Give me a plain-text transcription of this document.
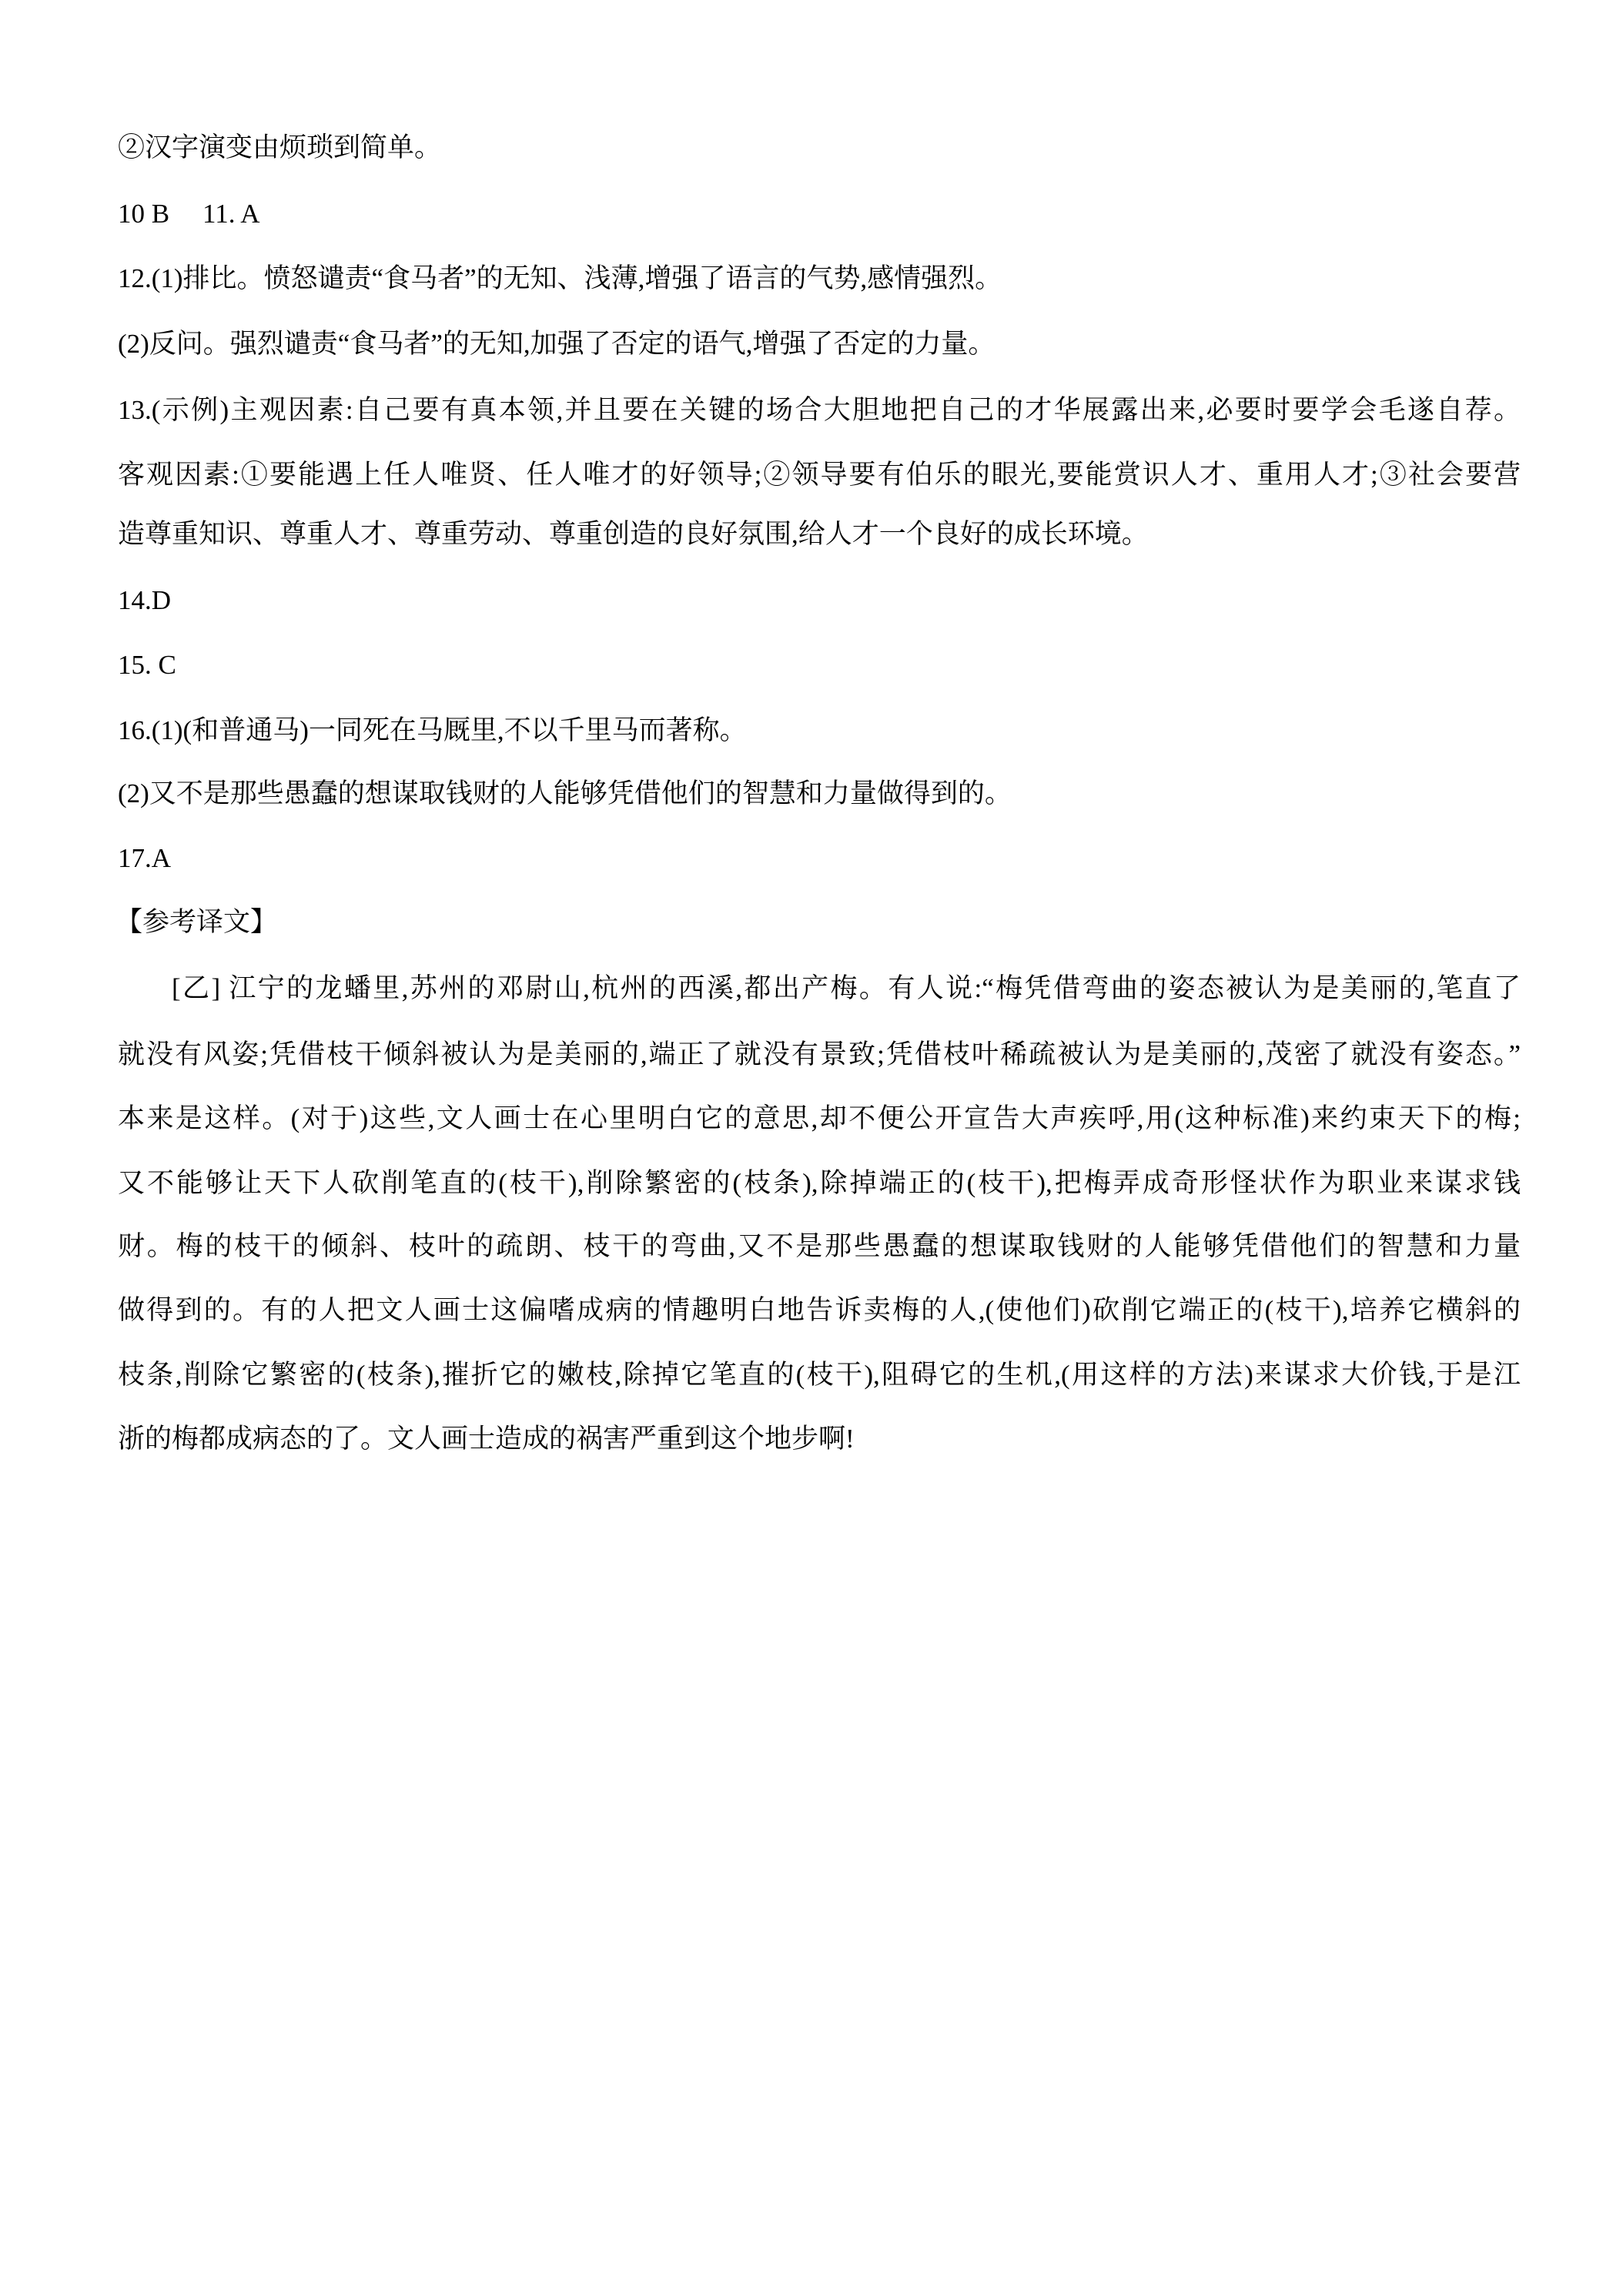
②汉字演变由烦琐到简单。
10 B 11. A
12.(1)排比。愤怒谴责“食马者”的无知、浅薄,增强了语言的气势,感情强烈。
(2)反问。强烈谴责“食马者”的无知,加强了否定的语气,增强了否定的力量。
13.(示例)主观因素:自己要有真本领,并且要在关键的场合大胆地把自己的才华展露出来,必要时要学会毛遂自荐。
客观因素:①要能遇上任人唯贤、任人唯才的好领导;②领导要有伯乐的眼光,要能赏识人才、重用人才;③社会要营
造尊重知识、尊重人才、尊重劳动、尊重创造的良好氛围,给人才一个良好的成长环境。
14.D
15. C
16.(1)(和普通马)一同死在马厩里,不以千里马而著称。
(2)又不是那些愚蠢的想谋取钱财的人能够凭借他们的智慧和力量做得到的。
17.A
【参考译文】
[乙] 江宁的龙蟠里,苏州的邓尉山,杭州的西溪,都出产梅。有人说:“梅凭借弯曲的姿态被认为是美丽的,笔直了
就没有风姿;凭借枝干倾斜被认为是美丽的,端正了就没有景致;凭借枝叶稀疏被认为是美丽的,茂密了就没有姿态。”
本来是这样。(对于)这些,文人画士在心里明白它的意思,却不便公开宣告大声疾呼,用(这种标准)来约束天下的梅;
又不能够让天下人砍削笔直的(枝干),削除繁密的(枝条),除掉端正的(枝干),把梅弄成奇形怪状作为职业来谋求钱
财。梅的枝干的倾斜、枝叶的疏朗、枝干的弯曲,又不是那些愚蠢的想谋取钱财的人能够凭借他们的智慧和力量
做得到的。有的人把文人画士这偏嗜成病的情趣明白地告诉卖梅的人,(使他们)砍削它端正的(枝干),培养它横斜的
枝条,削除它繁密的(枝条),摧折它的嫩枝,除掉它笔直的(枝干),阻碍它的生机,(用这样的方法)来谋求大价钱,于是江
浙的梅都成病态的了。文人画士造成的祸害严重到这个地步啊!
